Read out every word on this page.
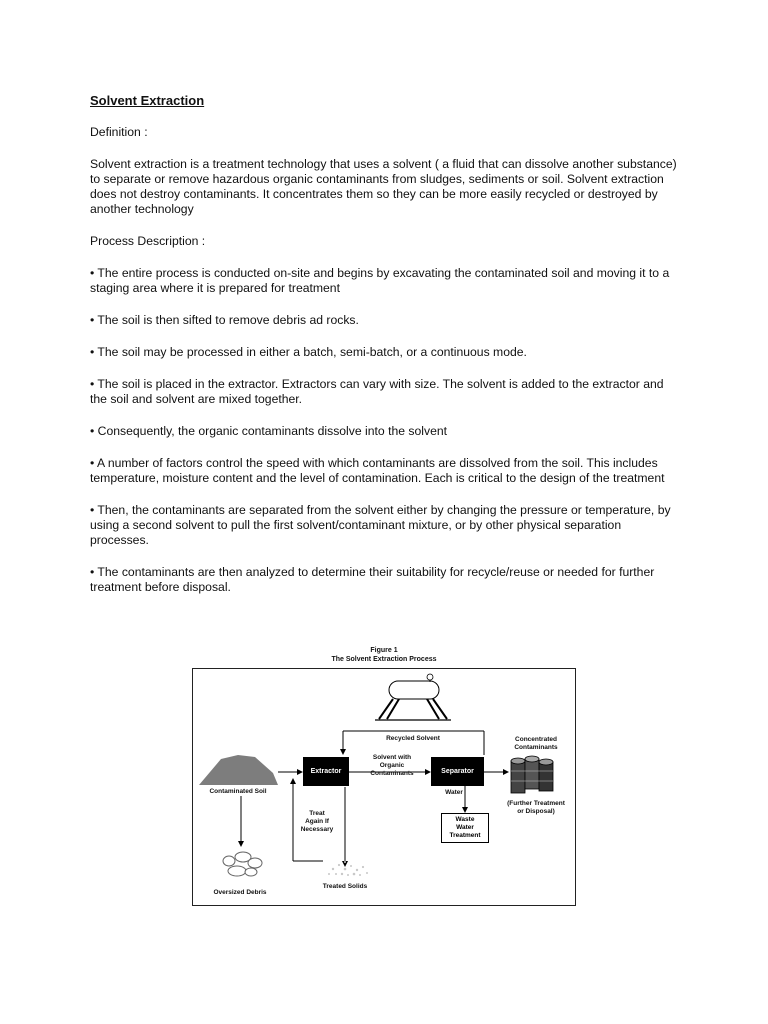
Solvent Extraction
Definition :
Solvent extraction is a treatment technology that uses a solvent ( a fluid that can dissolve another substance) to separate or remove hazardous organic contaminants from sludges, sediments or soil. Solvent extraction does not destroy contaminants. It concentrates them so they can be more easily recycled or destroyed by another technology
Process Description :
• The entire process is conducted on-site and begins by excavating the contaminated soil and moving it to a staging area where it is prepared for treatment
• The soil is then sifted to remove debris ad rocks.
• The soil may be processed in either a batch, semi-batch, or a continuous mode.
• The soil is placed in the extractor. Extractors can vary with size. The solvent is added to the extractor and the soil and solvent are mixed together.
• Consequently, the organic contaminants dissolve into the solvent
• A number of factors control the speed with which contaminants are dissolved from the soil. This includes temperature, moisture content and the level of contamination. Each is critical to the design of the treatment
• Then, the contaminants are separated from the solvent either by changing the pressure or temperature, by using a second solvent to pull the first solvent/contaminant mixture, or by other physical separation processes.
• The contaminants are then analyzed to determine their suitability for recycle/reuse or needed for further treatment before disposal.
Figure 1
The Solvent Extraction Process
Recycled Solvent
Extractor	Separator
Solvent with
Organic
Contaminants
Concentrated
Contaminants
Contaminated Soil	Water
(Further Treatment
or Disposal)
Treat
Again If
Necessary
Waste
Water
Treatment
Treated Solids
Oversized Debris
